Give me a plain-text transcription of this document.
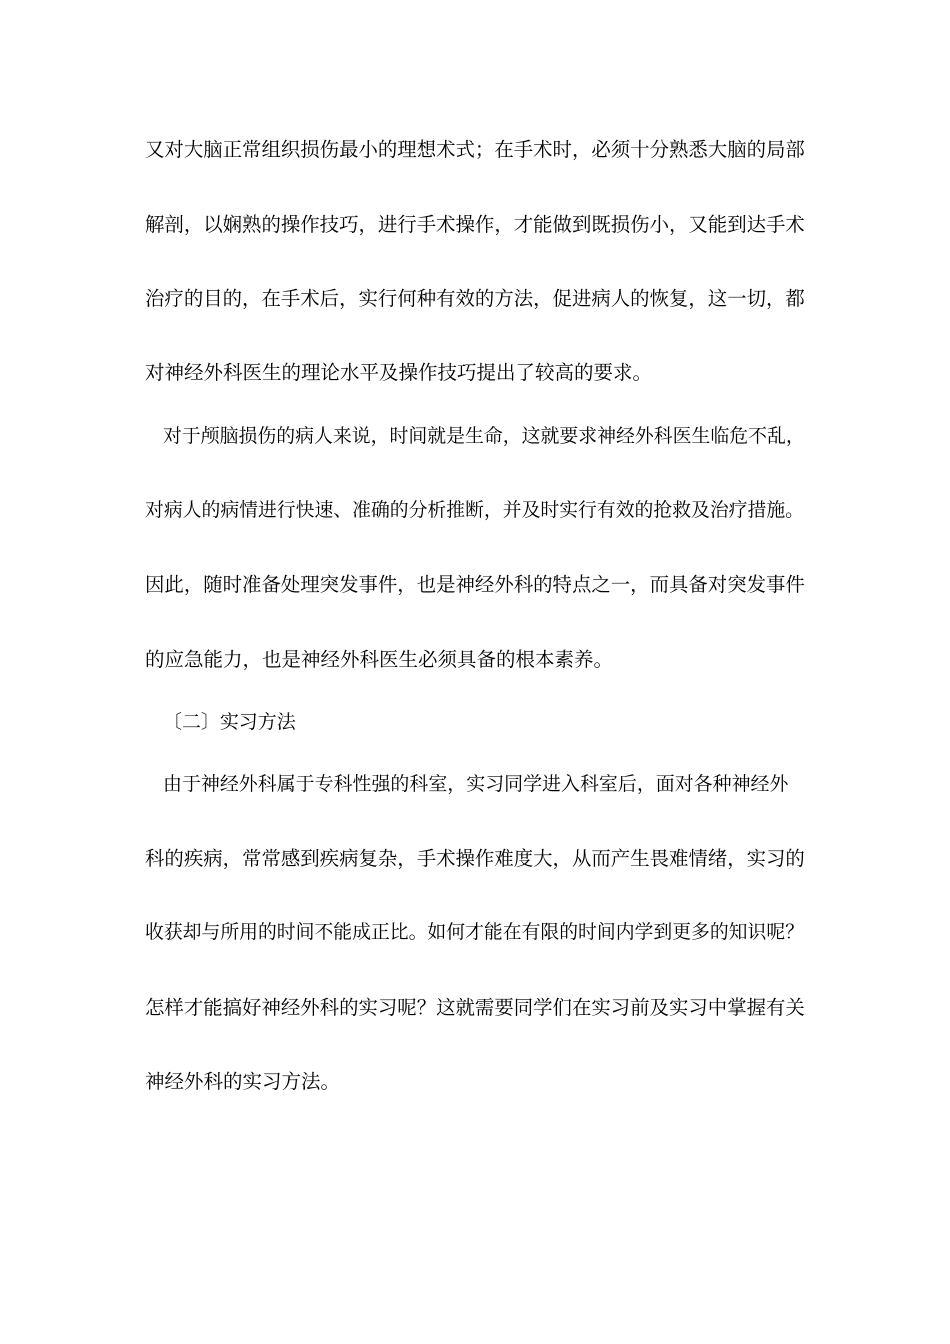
又对大脑正常组织损伤最小的理想术式；在手术时，必须十分熟悉大脑的局部
解剖，以娴熟的操作技巧，进行手术操作，才能做到既损伤小，又能到达手术
治疗的目的，在手术后，实行何种有效的方法，促进病人的恢复，这一切，都
对神经外科医生的理论水平及操作技巧提出了较高的要求。
对于颅脑损伤的病人来说，时间就是生命，这就要求神经外科医生临危不乱，
对病人的病情进行快速、准确的分析推断，并及时实行有效的抢救及治疗措施。
因此，随时准备处理突发事件，也是神经外科的特点之一，而具备对突发事件
的应急能力，也是神经外科医生必须具备的根本素养。
〔二〕实习方法
由于神经外科属于专科性强的科室，实习同学进入科室后，面对各种神经外
科的疾病，常常感到疾病复杂，手术操作难度大，从而产生畏难情绪，实习的
收获却与所用的时间不能成正比。如何才能在有限的时间内学到更多的知识呢？
怎样才能搞好神经外科的实习呢？这就需要同学们在实习前及实习中掌握有关
神经外科的实习方法。
